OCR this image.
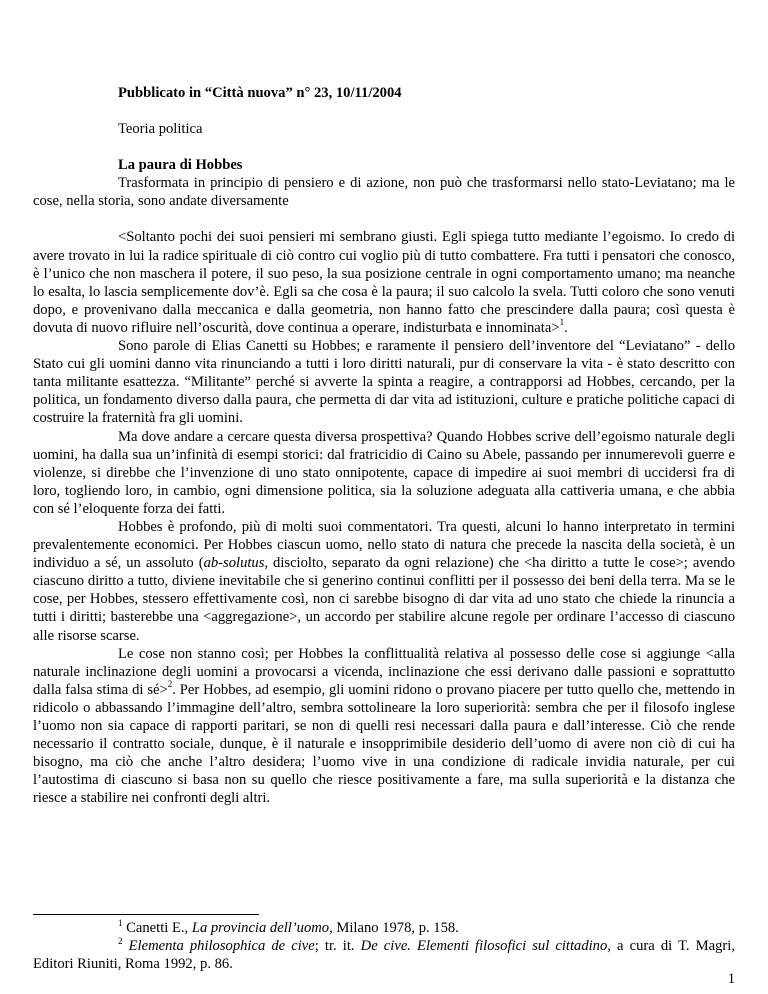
Pubblicato in “Città nuova” n° 23, 10/11/2004

Teoria politica

La paura di Hobbes

Trasformata in principio di pensiero e di azione, non può che trasformarsi nello stato-Leviatano; ma le cose, nella storia, sono andate diversamente

<Soltanto pochi dei suoi pensieri mi sembrano giusti. Egli spiega tutto mediante l’egoismo. Io credo di avere trovato in lui la radice spirituale di ciò contro cui voglio più di tutto combattere. Fra tutti i pensatori che conosco, è l’unico che non maschera il potere, il suo peso, la sua posizione centrale in ogni comportamento umano; ma neanche lo esalta, lo lascia semplicemente dov’è. Egli sa che cosa è la paura; il suo calcolo la svela. Tutti coloro che sono venuti dopo, e provenivano dalla meccanica e dalla geometria, non hanno fatto che prescindere dalla paura; così questa è dovuta di nuovo rifluire nell’oscurità, dove continua a operare, indisturbata e innominata>$^1$.

Sono parole di Elias Canetti su Hobbes; e raramente il pensiero dell’inventore del “Leviatano” - dello Stato cui gli uomini danno vita rinunciando a tutti i loro diritti naturali, pur di conservare la vita - è stato descritto con tanta militante esattezza. “Militante” perché si avverte la spinta a reagire, a contrapporsi ad Hobbes, cercando, per la politica, un fondamento diverso dalla paura, che permetta di dar vita ad istituzioni, culture e pratiche politiche capaci di costruire la fraternità fra gli uomini.

Ma dove andare a cercare questa diversa prospettiva? Quando Hobbes scrive dell’egoismo naturale degli uomini, ha dalla sua un’infinità di esempi storici: dal fratricidio di Caino su Abele, passando per innumerevoli guerre e violenze, si direbbe che l’invenzione di uno stato onnipotente, capace di impedire ai suoi membri di uccidersi fra di loro, togliendo loro, in cambio, ogni dimensione politica, sia la soluzione adeguata alla cattiveria umana, e che abbia con sé l’eloquente forza dei fatti.

Hobbes è profondo, più di molti suoi commentatori. Tra questi, alcuni lo hanno interpretato in termini prevalentemente economici. Per Hobbes ciascun uomo, nello stato di natura che precede la nascita della società, è un individuo a sé, un assoluto (ab-solutus, disciolto, separato da ogni relazione) che <ha diritto a tutte le cose>; avendo ciascuno diritto a tutto, diviene inevitabile che si generino continui conflitti per il possesso dei beni della terra. Ma se le cose, per Hobbes, stessero effettivamente così, non ci sarebbe bisogno di dar vita ad uno stato che chiede la rinuncia a tutti i diritti; basterebbe una <aggregazione>, un accordo per stabilire alcune regole per ordinare l’accesso di ciascuno alle risorse scarse.

Le cose non stanno così; per Hobbes la conflittualità relativa al possesso delle cose si aggiunge <alla naturale inclinazione degli uomini a provocarsi a vicenda, inclinazione che essi derivano dalle passioni e soprattutto dalla falsa stima di sé>$^2$. Per Hobbes, ad esempio, gli uomini ridono o provano piacere per tutto quello che, mettendo in ridicolo o abbassando l’immagine dell’altro, sembra sottolineare la loro superiorità: sembra che per il filosofo inglese l’uomo non sia capace di rapporti paritari, se non di quelli resi necessari dalla paura e dall’interesse. Ciò che rende necessario il contratto sociale, dunque, è il naturale e insopprimibile desiderio dell’uomo di avere non ciò di cui ha bisogno, ma ciò che anche l’altro desidera; l’uomo vive in una condizione di radicale invidia naturale, per cui l’autostima di ciascuno si basa non su quello che riesce positivamente a fare, ma sulla superiorità e la distanza che riesce a stabilire nei confronti degli altri.

$^1$ Canetti E., La provincia dell’uomo, Milano 1978, p. 158.

$^2$ Elementa philosophica de cive; tr. it. De cive. Elementi filosofici sul cittadino, a cura di T. Magri, Editori Riuniti, Roma 1992, p. 86.

1
